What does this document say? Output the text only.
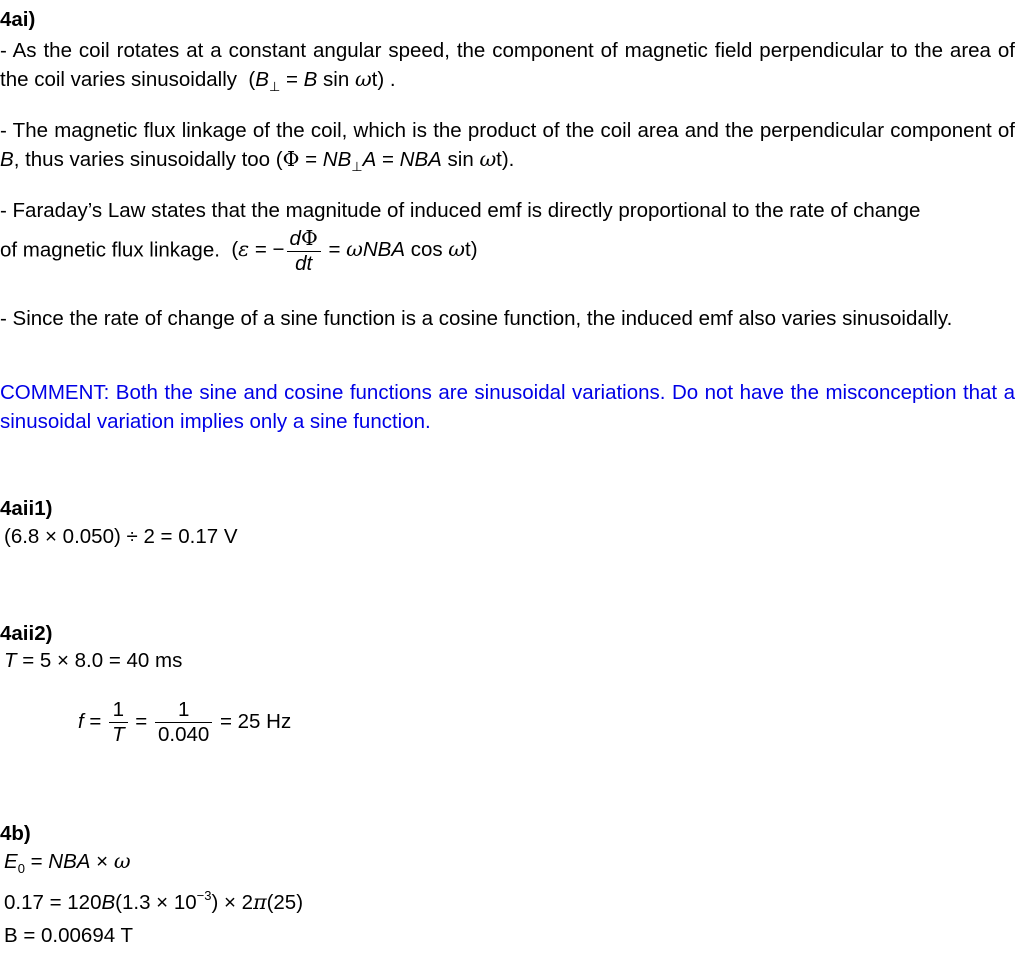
4ai)
- As the coil rotates at a constant angular speed, the component of magnetic field perpendicular to the area of the coil varies sinusoidally  ($B_\perp = B$ sin ωt) .
- The magnetic flux linkage of the coil, which is the product of the coil area and the perpendicular component of B, thus varies sinusoidally too ($\Phi = NB_\perp A$ = NBA sin ωt).
- Faraday’s Law states that the magnitude of induced emf is directly proportional to the rate of change
of magnetic flux linkage.  (ε = − $\frac{d\Phi}{dt} = \omega NBA$ cos ωt)
- Since the rate of change of a sine function is a cosine function, the induced emf also varies sinusoidally.
COMMENT: Both the sine and cosine functions are sinusoidal variations. Do not have the misconception that a sinusoidal variation implies only a sine function.
4aii1)
(6.8 × 0.050) ÷ 2 = 0.17 V
4aii2)
T = 5 × 8.0 = 40 ms
$f = \frac{1}{T} = \frac{1}{0.040} = 25$ Hz
4b)
$E_0$ = NBA × ω
$0.17 = 120B(1.3 \times 10^{-3}) \times 2\pi(25)$
B = 0.00694 T
